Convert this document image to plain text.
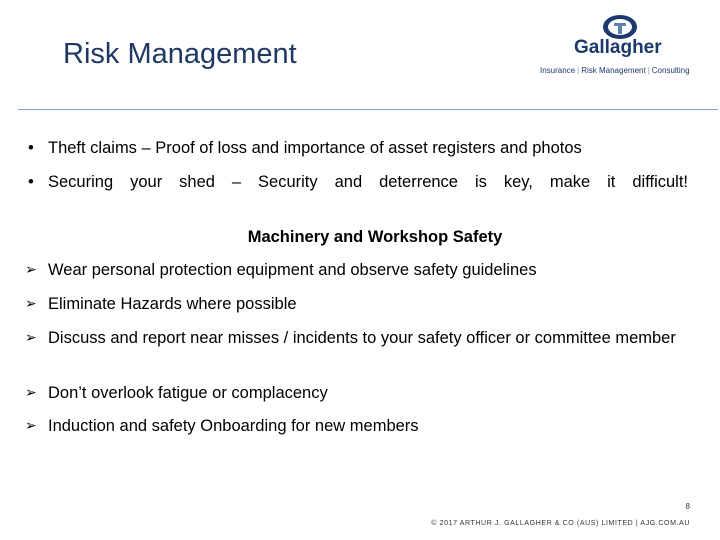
Risk Management	Gallagher
Insurance | Risk Management | Consulting
• Theft claims – Proof of loss and importance of asset registers and photos
• Securing your shed – Security and deterrence is key, make it difficult!
Machinery and Workshop Safety
➢ Wear personal protection equipment and observe safety guidelines
➢ Eliminate Hazards where possible
➢ Discuss and report near misses / incidents to your safety officer or committee member
➢ Don’t overlook fatigue or complacency
➢ Induction and safety Onboarding for new members
8
© 2017 ARTHUR J. GALLAGHER & CO (AUS) LIMITED | AJG.COM.AU
